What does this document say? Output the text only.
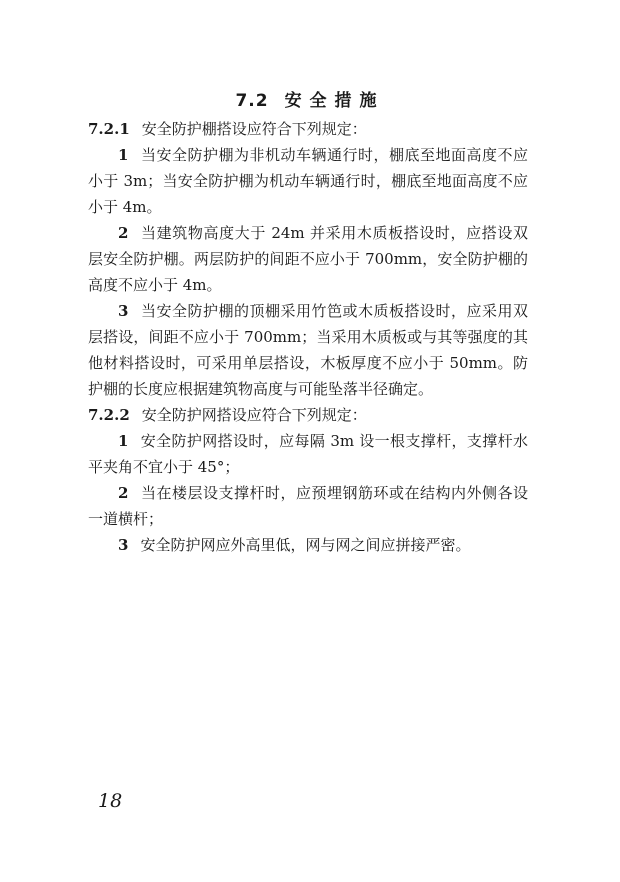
7.2 安全措施

7.2.1 安全防护棚搭设应符合下列规定：

1 当安全防护棚为非机动车辆通行时，棚底至地面高度不应小于 3m；当安全防护棚为机动车辆通行时，棚底至地面高度不应小于 4m。

2 当建筑物高度大于 24m 并采用木质板搭设时，应搭设双层安全防护棚。两层防护的间距不应小于 700mm，安全防护棚的高度不应小于 4m。

3 当安全防护棚的顶棚采用竹笆或木质板搭设时，应采用双层搭设，间距不应小于 700mm；当采用木质板或与其等强度的其他材料搭设时，可采用单层搭设，木板厚度不应小于 50mm。防护棚的长度应根据建筑物高度与可能坠落半径确定。

7.2.2 安全防护网搭设应符合下列规定：

1 安全防护网搭设时，应每隔 3m 设一根支撑杆，支撑杆水平夹角不宜小于 45°；

2 当在楼层设支撑杆时，应预埋钢筋环或在结构内外侧各设一道横杆；

3 安全防护网应外高里低，网与网之间应拼接严密。

18
